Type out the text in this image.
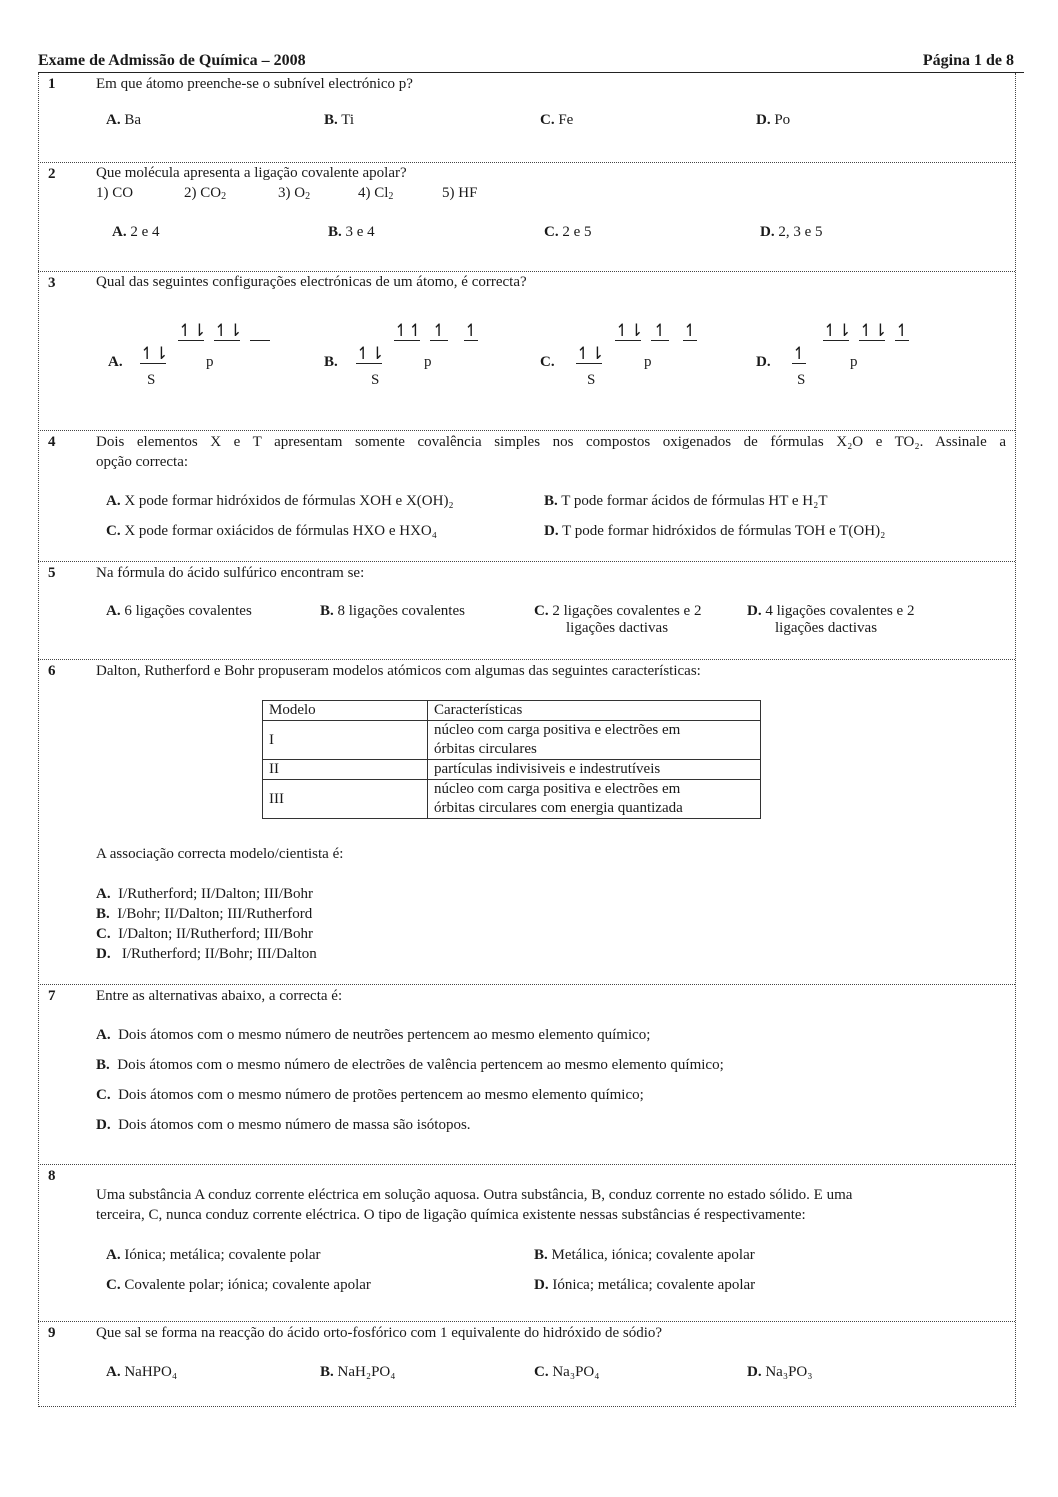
Exame de Admissão de Química – 2008	Página 1 de 8
1	Em que átomo preenche-se o subnível electrónico p?
A. Ba	B. Ti	C. Fe	D. Po
2	Que molécula apresenta a ligação covalente apolar?
1) CO	2) $CO_2$	3) $O_2$	4) $Cl_2$	5) HF
A. 2 e 4	B. 3 e 4	C. 2 e 5	D. 2, 3 e 5
3	Qual das seguintes configurações electrónicas de um átomo, é correcta?
A. ↿⇂
S
↿⇂ ↿⇂
p	B. ↿⇂
S
↿↿ ↿ ↿
p	C. ↿⇂
S
↿⇂ ↿ ↿
p	D. ↿
S
↿⇂ ↿⇂ ↿
p
4	Dois elementos X e T apresentam somente covalência simples nos compostos oxigenados de fórmulas X₂O e TO₂. Assinale a
opção correcta:
A. X pode formar hidróxidos de fórmulas XOH e X(OH)₂	B. T pode formar ácidos de fórmulas HT e H₂T
C. X pode formar oxiácidos de fórmulas HXO e HXO₄	D. T pode formar hidróxidos de fórmulas TOH e T(OH)₂
5	Na fórmula do ácido sulfúrico encontram se:
A. 6 ligações covalentes	B. 8 ligações covalentes	C. 2 ligações covalentes e 2
ligações dactivas
D. 4 ligações covalentes e 2
ligações dactivas
6	Dalton, Rutherford e Bohr propuseram modelos atómicos com algumas das seguintes características:
A associação correcta modelo/cientista é:
A. I/Rutherford; II/Dalton; III/Bohr
B. I/Bohr; II/Dalton; III/Rutherford
C. I/Dalton; II/Rutherford; III/Bohr
D. I/Rutherford; II/Bohr; III/Dalton
Modelo	Características
I	núcleo com carga positiva e electrões em
órbitas circulares
II	partículas indivisiveis e indestrutíveis
III	núcleo com carga positiva e electrões em
órbitas circulares com energia quantizada
7	Entre as alternativas abaixo, a correcta é:
A. Dois átomos com o mesmo número de neutrões pertencem ao mesmo elemento químico;
B. Dois átomos com o mesmo número de electrões de valência pertencem ao mesmo elemento químico;
C. Dois átomos com o mesmo número de protões pertencem ao mesmo elemento químico;
D. Dois átomos com o mesmo número de massa são isótopos.
8
Uma substância A conduz corrente eléctrica em solução aquosa. Outra substância, B, conduz corrente no estado sólido. E uma
terceira, C, nunca conduz corrente eléctrica. O tipo de ligação química existente nessas substâncias é respectivamente:
A. Iónica; metálica; covalente polar	B. Metálica, iónica; covalente apolar
C. Covalente polar; iónica; covalente apolar	D. Iónica; metálica; covalente apolar
9	Que sal se forma na reacção do ácido orto-fosfórico com 1 equivalente do hidróxido de sódio?
A. NaHPO₄	B. NaH₂PO₄	C. Na₃PO₄	D. Na₃PO₃
